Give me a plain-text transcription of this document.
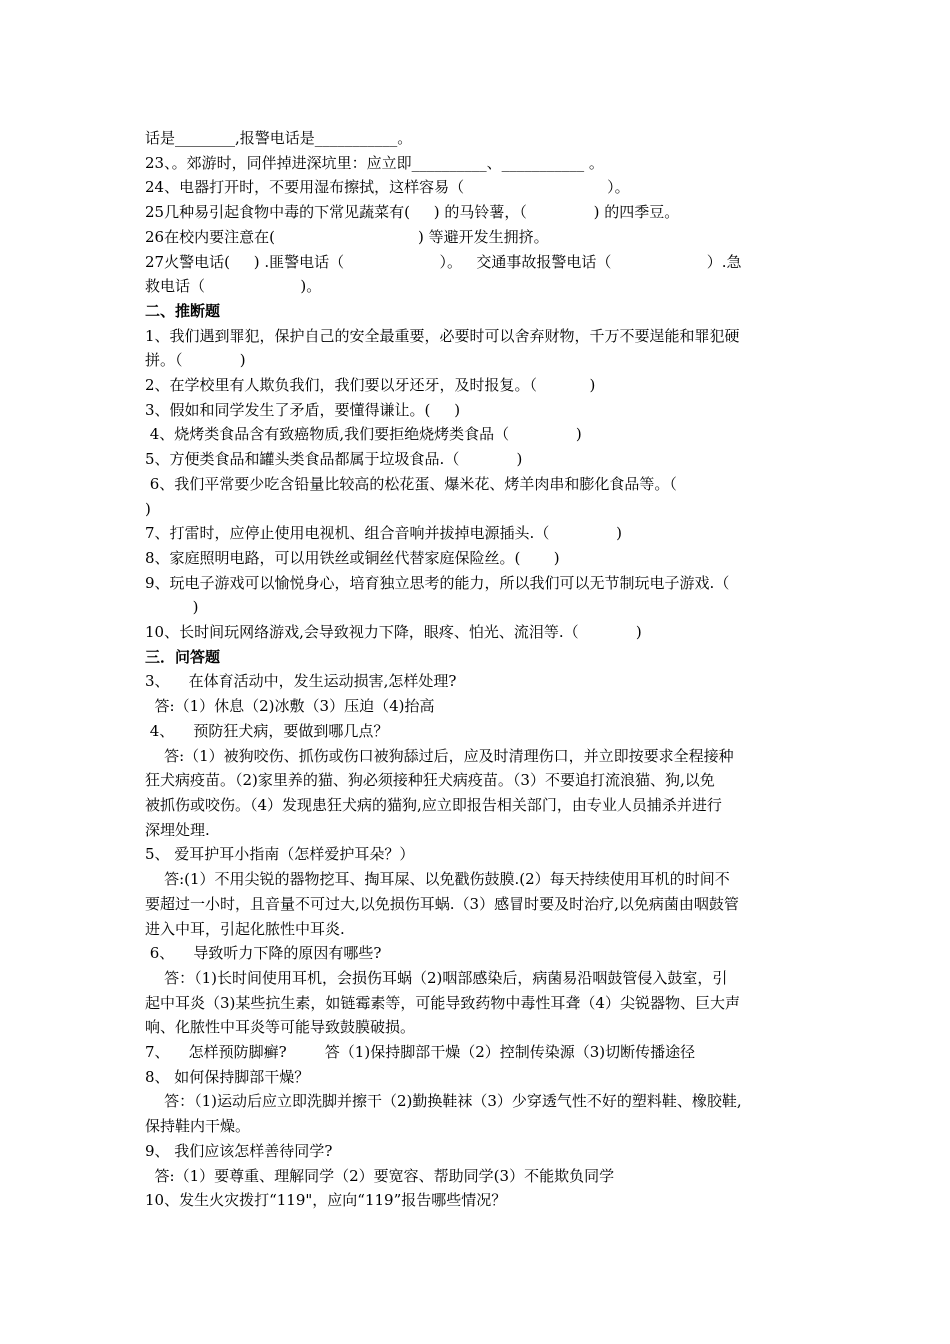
话是________,报警电话是___________。
23、。郊游时，同伴掉进深坑里：应立即__________、___________ 。
24、电器打开时，不要用湿布擦拭，这样容易（                              ）。
25几种易引起食物中毒的下常见蔬菜有(     ) 的马铃薯，（              ) 的四季豆。
26在校内要注意在(                              ) 等避开发生拥挤。
27火警电话(     ) .匪警电话（                    ）。   交通事故报警电话（                    ）.急
救电话（                    )。
二、推断题
1、我们遇到罪犯，保护自己的安全最重要，必要时可以舍弃财物，千万不要逞能和罪犯硬
拼。（            )
2、在学校里有人欺负我们，我们要以牙还牙，及时报复。（           )
3、假如和同学发生了矛盾，要懂得谦让。(     )
4、烧烤类食品含有致癌物质,我们要拒绝烧烤类食品（              )
5、方便类食品和罐头类食品都属于垃圾食品.（            )
6、我们平常要少吃含铅量比较高的松花蛋、爆米花、烤羊肉串和膨化食品等。（
)
7、打雷时，应停止使用电视机、组合音响并拔掉电源插头.（              )
8、家庭照明电路，可以用铁丝或铜丝代替家庭保险丝。(       )
9、玩电子游戏可以愉悦身心，培育独立思考的能力，所以我们可以无节制玩电子游戏.（
)
10、长时间玩网络游戏,会导致视力下降，眼疼、怕光、流泪等.（            )
三．问答题
3、    在体育活动中，发生运动损害,怎样处理?
答:（1）休息（2)冰敷（3）压迫（4)抬高
4、    预防狂犬病，要做到哪几点？
答:（1）被狗咬伤、抓伤或伤口被狗舔过后，应及时清理伤口，并立即按要求全程接种
狂犬病疫苗。（2)家里养的猫、狗必须接种狂犬病疫苗。（3）不要追打流浪猫、狗,以免
被抓伤或咬伤。（4）发现患狂犬病的猫狗,应立即报告相关部门，由专业人员捕杀并进行
深埋处理.
5、 爱耳护耳小指南（怎样爱护耳朵？）
答:(1）不用尖锐的器物挖耳、掏耳屎、以免戳伤鼓膜.(2）每天持续使用耳机的时间不
要超过一小时，且音量不可过大,以免损伤耳蜗.（3）感冒时要及时治疗,以免病菌由咽鼓管
进入中耳，引起化脓性中耳炎.
6、    导致听力下降的原因有哪些?
答：（1)长时间使用耳机，会损伤耳蜗（2)咽部感染后，病菌易沿咽鼓管侵入鼓室，引
起中耳炎（3)某些抗生素，如链霉素等，可能导致药物中毒性耳聋（4）尖锐器物、巨大声
响、化脓性中耳炎等可能导致鼓膜破损。
7、    怎样预防脚癣?        答（1)保持脚部干燥（2）控制传染源（3)切断传播途径
8、 如何保持脚部干燥？
答：（1)运动后应立即洗脚并擦干（2)勤换鞋袜（3）少穿透气性不好的塑料鞋、橡胶鞋,
保持鞋内干燥。
9、 我们应该怎样善待同学?
答:（1）要尊重、理解同学（2）要宽容、帮助同学(3）不能欺负同学
10、发生火灾拨打“119"，应向“119”报告哪些情况？
